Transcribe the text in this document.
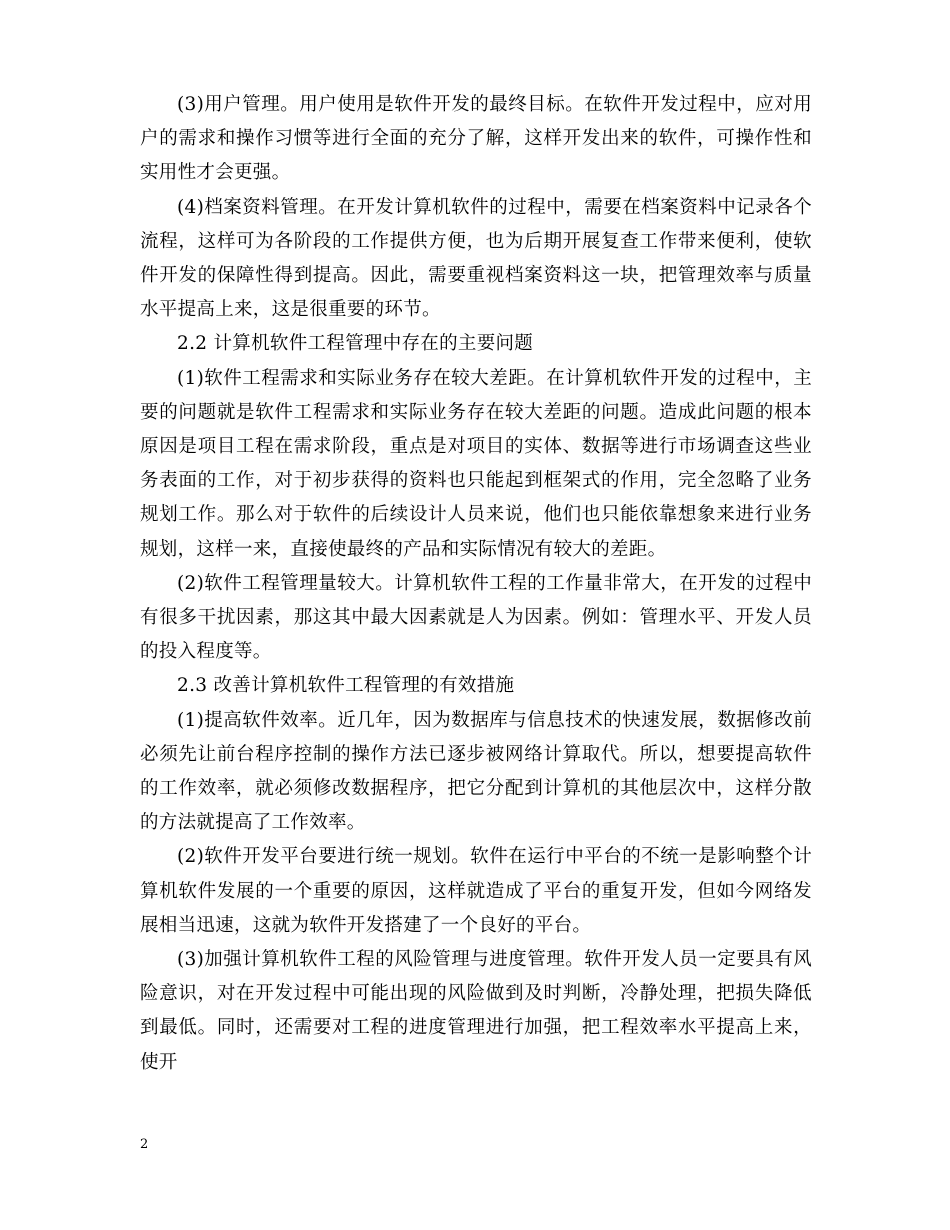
(3)用户管理。用户使用是软件开发的最终目标。在软件开发过程中，应对用户的需求和操作习惯等进行全面的充分了解，这样开发出来的软件，可操作性和实用性才会更强。

(4)档案资料管理。在开发计算机软件的过程中，需要在档案资料中记录各个流程，这样可为各阶段的工作提供方便，也为后期开展复查工作带来便利，使软件开发的保障性得到提高。因此，需要重视档案资料这一块，把管理效率与质量水平提高上来，这是很重要的环节。

2.2 计算机软件工程管理中存在的主要问题

(1)软件工程需求和实际业务存在较大差距。在计算机软件开发的过程中，主要的问题就是软件工程需求和实际业务存在较大差距的问题。造成此问题的根本原因是项目工程在需求阶段，重点是对项目的实体、数据等进行市场调查这些业务表面的工作，对于初步获得的资料也只能起到框架式的作用，完全忽略了业务规划工作。那么对于软件的后续设计人员来说，他们也只能依靠想象来进行业务规划，这样一来，直接使最终的产品和实际情况有较大的差距。

(2)软件工程管理量较大。计算机软件工程的工作量非常大，在开发的过程中有很多干扰因素，那这其中最大因素就是人为因素。例如：管理水平、开发人员的投入程度等。

2.3 改善计算机软件工程管理的有效措施

(1)提高软件效率。近几年，因为数据库与信息技术的快速发展，数据修改前必须先让前台程序控制的操作方法已逐步被网络计算取代。所以，想要提高软件的工作效率，就必须修改数据程序，把它分配到计算机的其他层次中，这样分散的方法就提高了工作效率。

(2)软件开发平台要进行统一规划。软件在运行中平台的不统一是影响整个计算机软件发展的一个重要的原因，这样就造成了平台的重复开发，但如今网络发展相当迅速，这就为软件开发搭建了一个良好的平台。

(3)加强计算机软件工程的风险管理与进度管理。软件开发人员一定要具有风险意识，对在开发过程中可能出现的风险做到及时判断，冷静处理，把损失降低到最低。同时，还需要对工程的进度管理进行加强，把工程效率水平提高上来，使开

2
